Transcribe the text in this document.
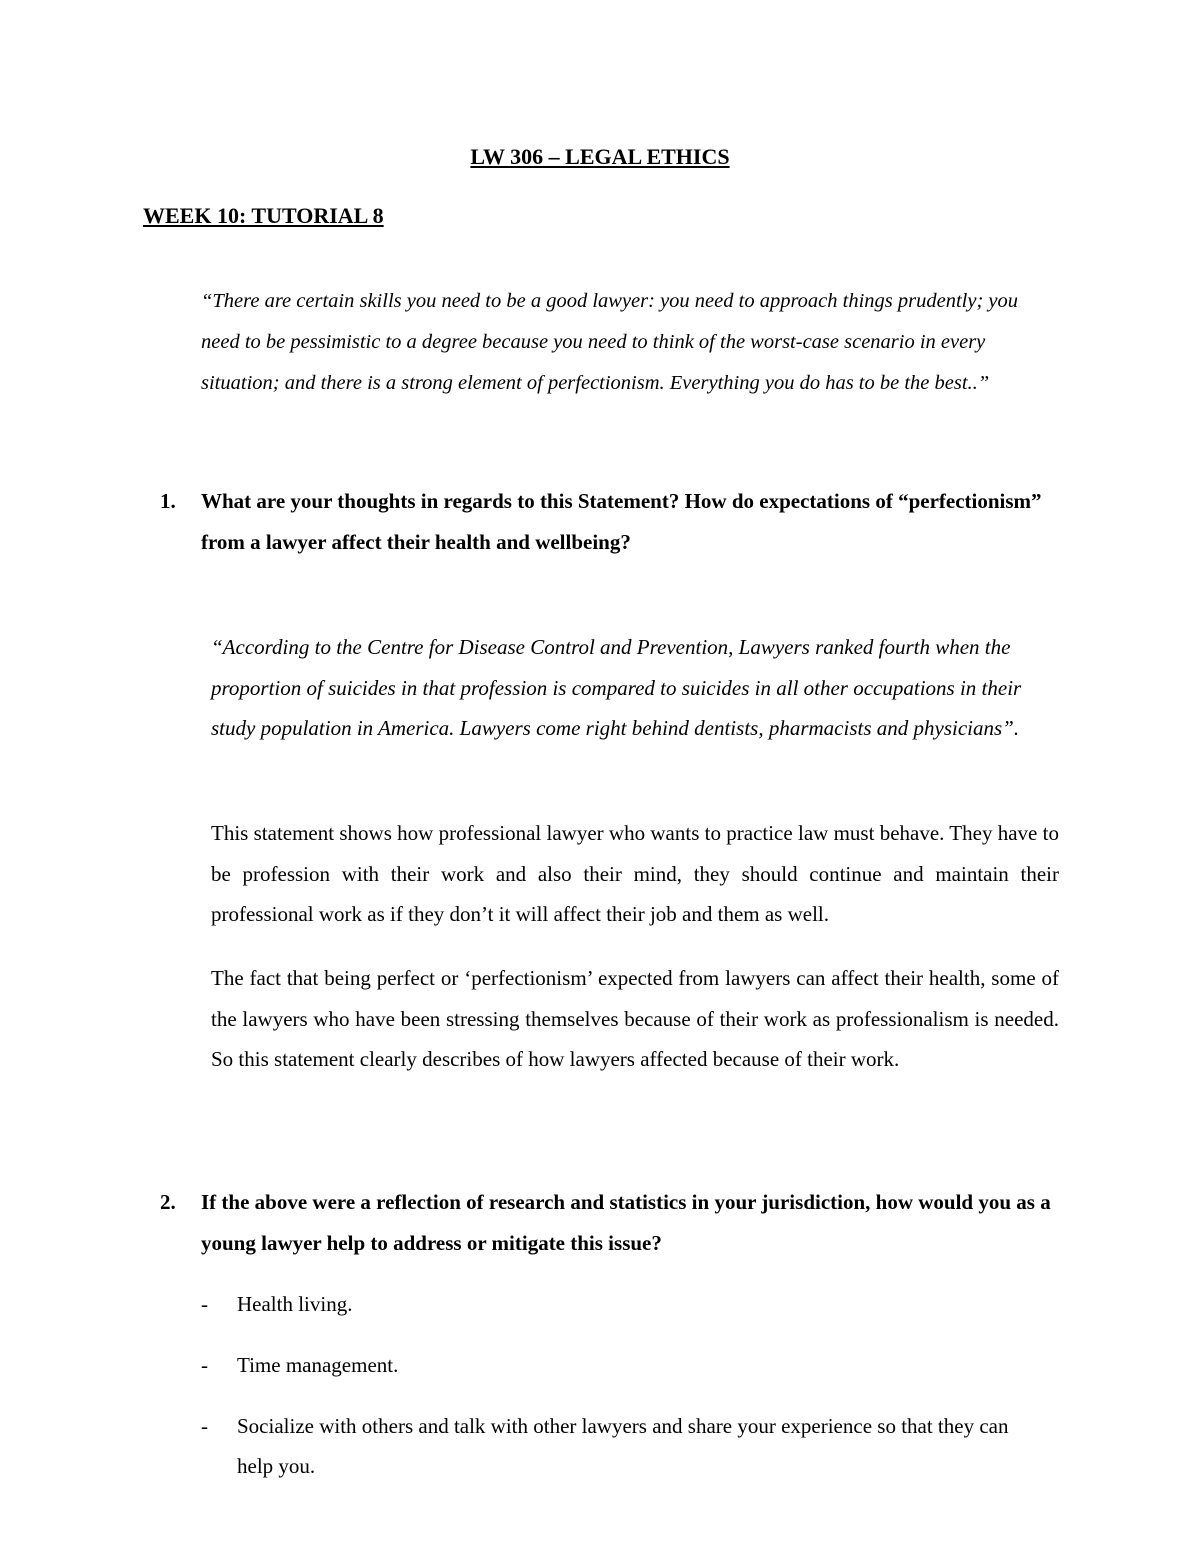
LW 306 – LEGAL ETHICS
WEEK 10: TUTORIAL 8

“There are certain skills you need to be a good lawyer: you need to approach things prudently; you need to be pessimistic to a degree because you need to think of the worst-case scenario in every situation; and there is a strong element of perfectionism. Everything you do has to be the best..”

1. What are your thoughts in regards to this Statement? How do expectations of “perfectionism” from a lawyer affect their health and wellbeing?

“According to the Centre for Disease Control and Prevention, Lawyers ranked fourth when the proportion of suicides in that profession is compared to suicides in all other occupations in their study population in America. Lawyers come right behind dentists, pharmacists and physicians”.

This statement shows how professional lawyer who wants to practice law must behave. They have to be profession with their work and also their mind, they should continue and maintain their professional work as if they don’t it will affect their job and them as well.

The fact that being perfect or ‘perfectionism’ expected from lawyers can affect their health, some of the lawyers who have been stressing themselves because of their work as professionalism is needed. So this statement clearly describes of how lawyers affected because of their work.

2. If the above were a reflection of research and statistics in your jurisdiction, how would you as a young lawyer help to address or mitigate this issue?
- Health living.
- Time management.
- Socialize with others and talk with other lawyers and share your experience so that they can help you.
